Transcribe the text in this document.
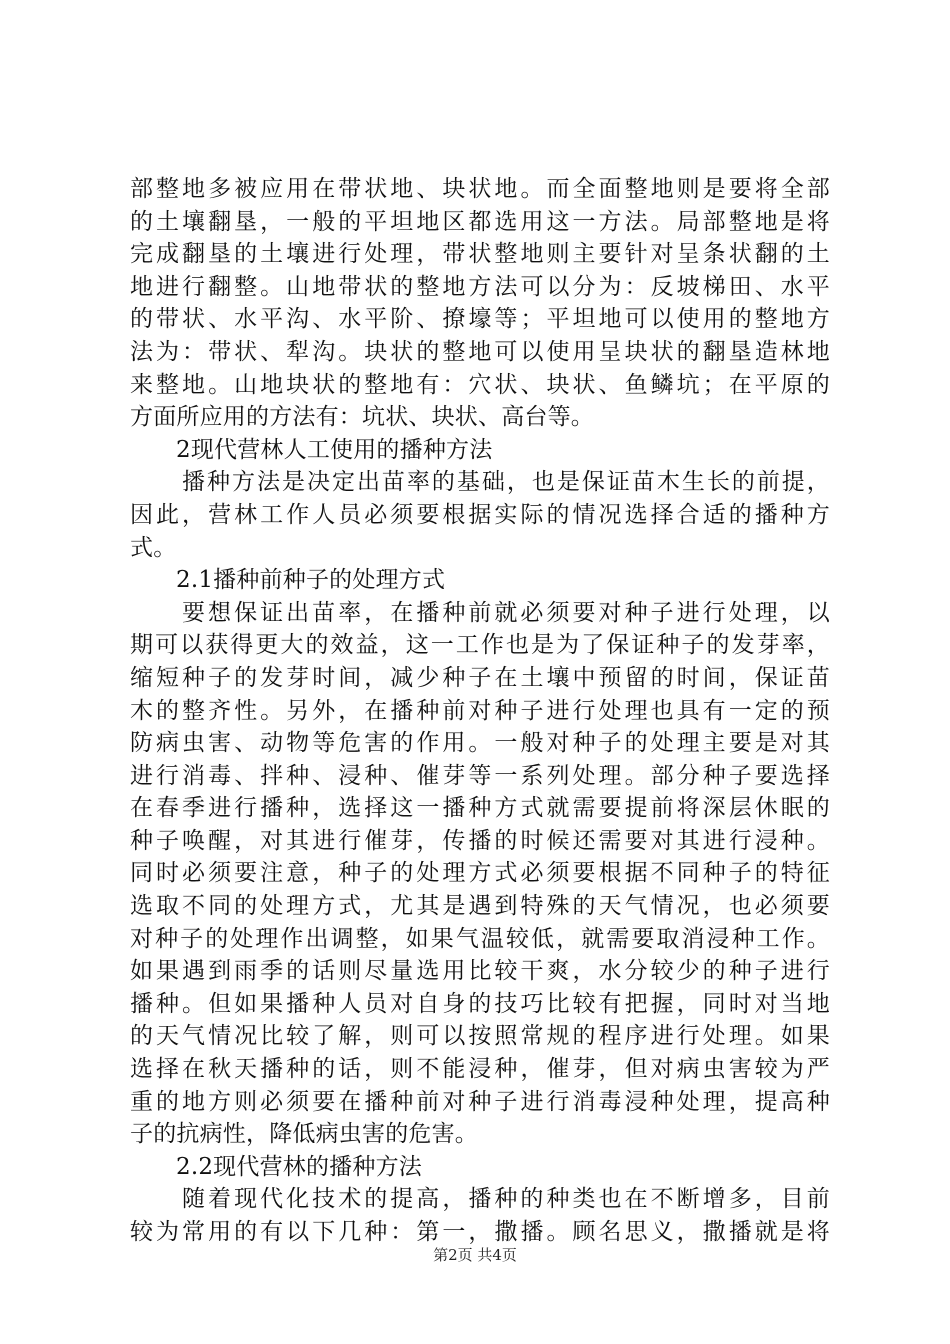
部整地多被应用在带状地、块状地。而全面整地则是要将全部
的土壤翻垦，一般的平坦地区都选用这一方法。局部整地是将
完成翻垦的土壤进行处理，带状整地则主要针对呈条状翻的土
地进行翻整。山地带状的整地方法可以分为：反坡梯田、水平
的带状、水平沟、水平阶、撩壕等；平坦地可以使用的整地方
法为：带状、犁沟。块状的整地可以使用呈块状的翻垦造林地
来整地。山地块状的整地有：穴状、块状、鱼鳞坑；在平原的
方面所应用的方法有：坑状、块状、高台等。
2现代营林人工使用的播种方法
播种方法是决定出苗率的基础，也是保证苗木生长的前提，
因此，营林工作人员必须要根据实际的情况选择合适的播种方
式。
2.1播种前种子的处理方式
要想保证出苗率，在播种前就必须要对种子进行处理，以
期可以获得更大的效益，这一工作也是为了保证种子的发芽率，
缩短种子的发芽时间，减少种子在土壤中预留的时间，保证苗
木的整齐性。另外，在播种前对种子进行处理也具有一定的预
防病虫害、动物等危害的作用。一般对种子的处理主要是对其
进行消毒、拌种、浸种、催芽等一系列处理。部分种子要选择
在春季进行播种，选择这一播种方式就需要提前将深层休眠的
种子唤醒，对其进行催芽，传播的时候还需要对其进行浸种。
同时必须要注意，种子的处理方式必须要根据不同种子的特征
选取不同的处理方式，尤其是遇到特殊的天气情况，也必须要
对种子的处理作出调整，如果气温较低，就需要取消浸种工作。
如果遇到雨季的话则尽量选用比较干爽，水分较少的种子进行
播种。但如果播种人员对自身的技巧比较有把握，同时对当地
的天气情况比较了解，则可以按照常规的程序进行处理。如果
选择在秋天播种的话，则不能浸种，催芽，但对病虫害较为严
重的地方则必须要在播种前对种子进行消毒浸种处理，提高种
子的抗病性，降低病虫害的危害。
2.2现代营林的播种方法
随着现代化技术的提高，播种的种类也在不断增多，目前
较为常用的有以下几种：第一，撒播。顾名思义，撒播就是将
第2页 共4页
